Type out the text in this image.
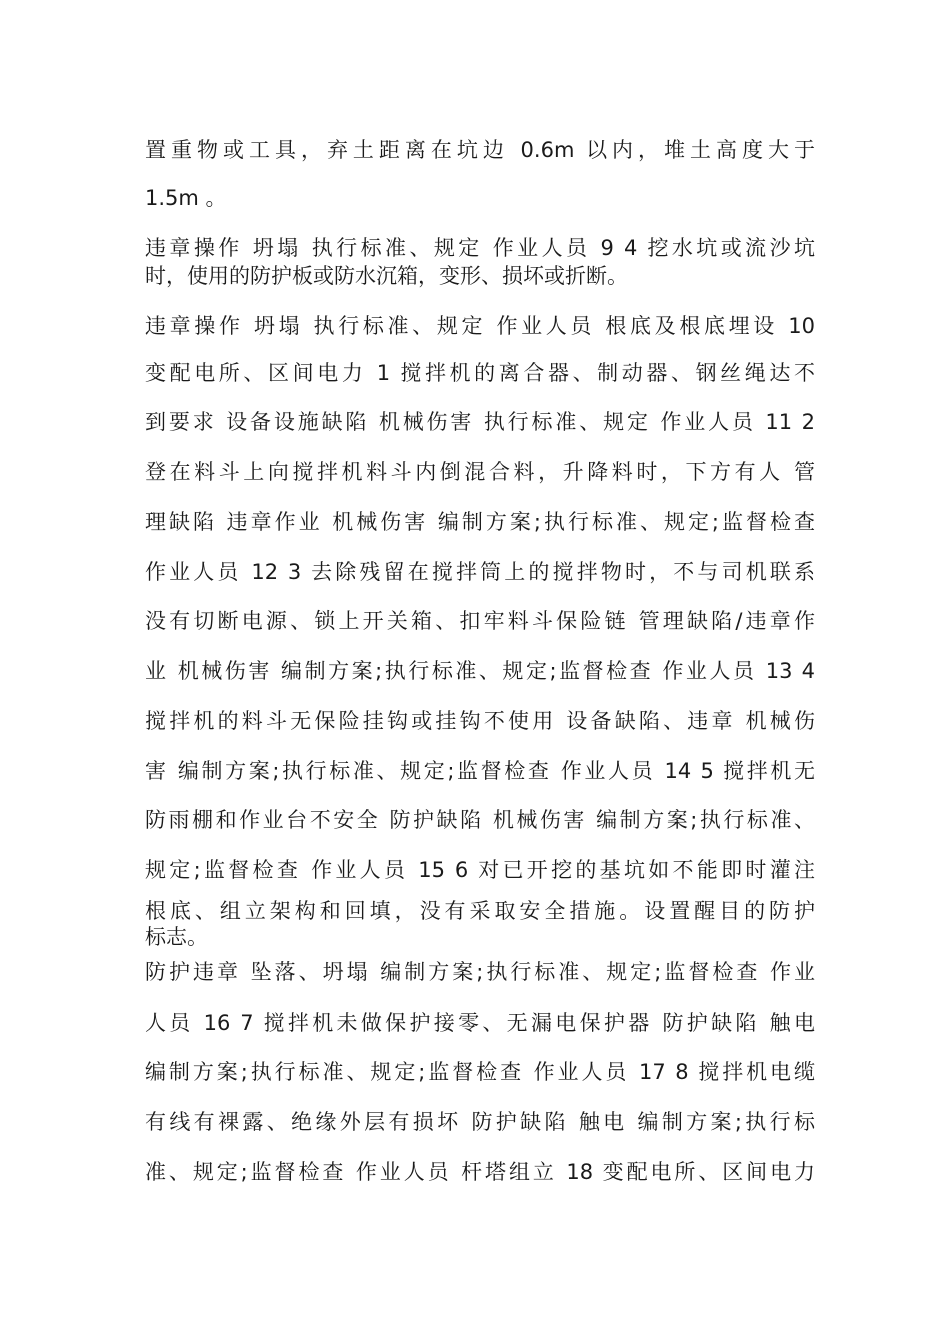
置重物或工具，弃土距离在坑边 0.6m 以内，堆土高度大于
1.5m 。
违章操作 坍塌 执行标准、规定 作业人员 9 4 挖水坑或流沙坑
时，使用的防护板或防水沉箱，变形、损坏或折断。
违章操作 坍塌 执行标准、规定 作业人员 根底及根底埋设 10
变配电所、区间电力 1 搅拌机的离合器、制动器、钢丝绳达不
到要求 设备设施缺陷 机械伤害 执行标准、规定 作业人员 11 2
登在料斗上向搅拌机料斗内倒混合料，升降料时，下方有人 管
理缺陷 违章作业 机械伤害 编制方案;执行标准、规定;监督检查
作业人员 12 3 去除残留在搅拌筒上的搅拌物时，不与司机联系
没有切断电源、锁上开关箱、扣牢料斗保险链 管理缺陷/违章作
业 机械伤害 编制方案;执行标准、规定;监督检查 作业人员 13 4
搅拌机的料斗无保险挂钩或挂钩不使用 设备缺陷、违章 机械伤
害 编制方案;执行标准、规定;监督检查 作业人员 14 5 搅拌机无
防雨棚和作业台不安全 防护缺陷 机械伤害 编制方案;执行标准、
规定;监督检查 作业人员 15 6 对已开挖的基坑如不能即时灌注
根底、组立架构和回填，没有采取安全措施。设置醒目的防护
标志。
防护违章 坠落、坍塌 编制方案;执行标准、规定;监督检查 作业
人员 16 7 搅拌机未做保护接零、无漏电保护器 防护缺陷 触电
编制方案;执行标准、规定;监督检查 作业人员 17 8 搅拌机电缆
有线有裸露、绝缘外层有损坏 防护缺陷 触电 编制方案;执行标
准、规定;监督检查 作业人员 杆塔组立 18 变配电所、区间电力
